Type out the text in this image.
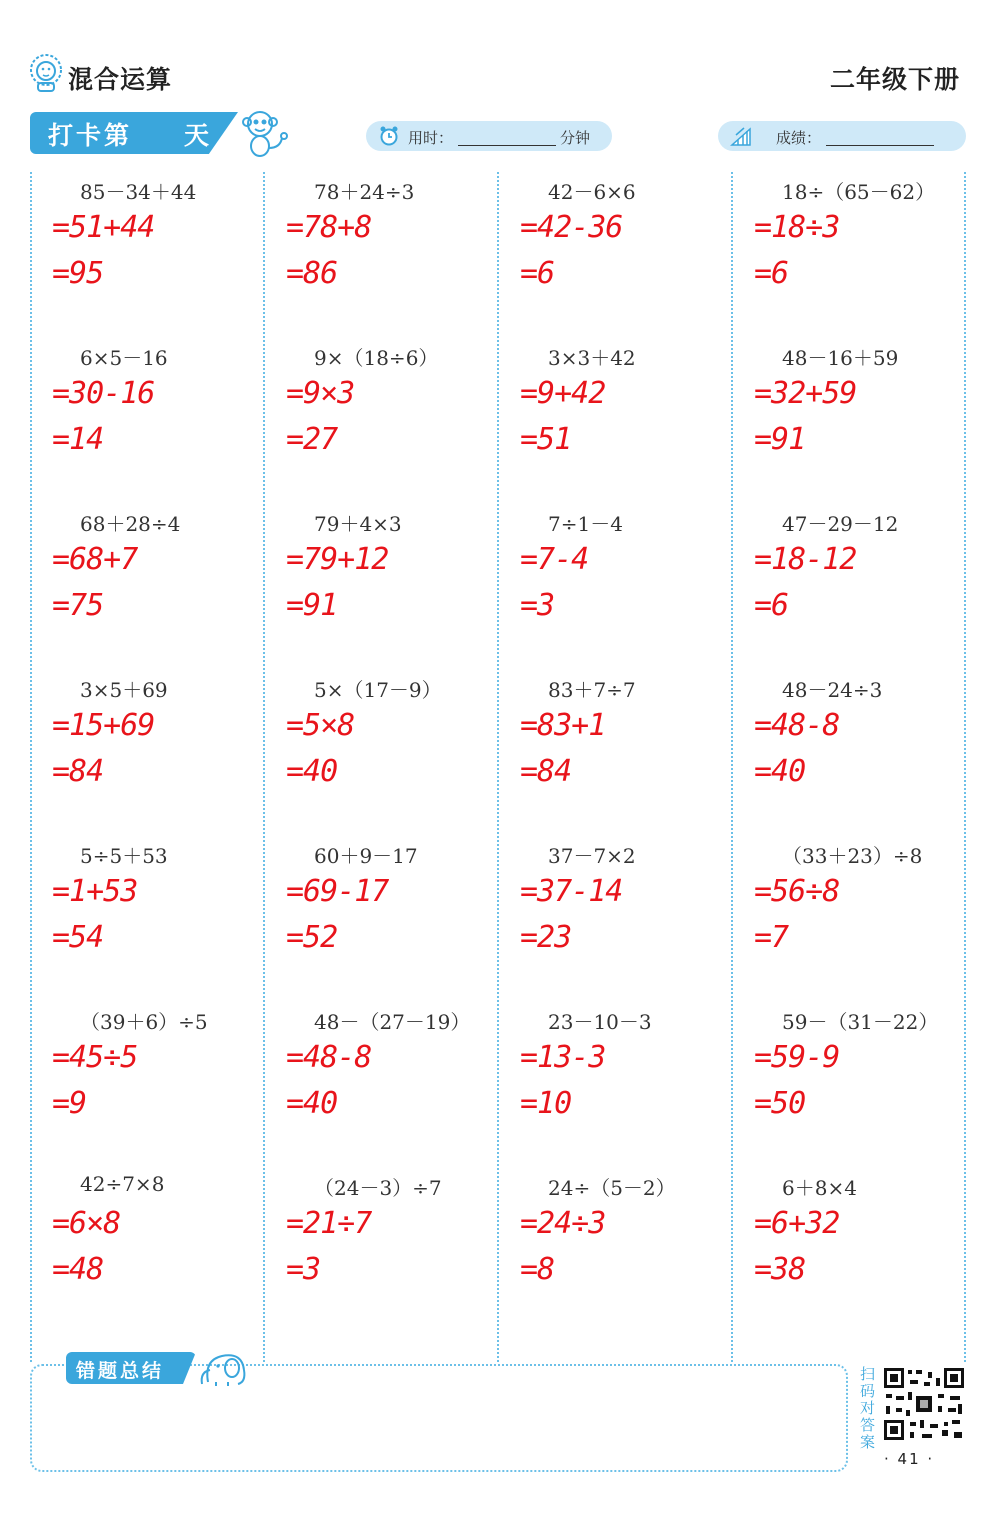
混合运算	二年级下册
打卡第 天	用时：	分钟	成绩：
85－34＋44
=51+44
=95
78＋24÷3
=78+8
=86
42－6×6
=42-36
=6
18÷（65－62）
=18÷3
=6
6×5－16
=30-16
=14
9×（18÷6）
=9×3
=27
3×3＋42
=9+42
=51
48－16＋59
=32+59
=91
68＋28÷4
=68+7
=75
79＋4×3
=79+12
=91
7÷1－4
=7-4
=3
47－29－12
=18-12
=6
3×5＋69
=15+69
=84
5×（17－9）
=5×8
=40
83＋7÷7
=83+1
=84
48－24÷3
=48-8
=40
5÷5＋53
=1+53
=54
60＋9－17
=69-17
=52
37－7×2
=37-14
=23
（33＋23）÷8
=56÷8
=7
（39＋6）÷5
=45÷5
=9
48－（27－19）
=48-8
=40
23－10－3
=13-3
=10
59－（31－22）
=59-9
=50
42÷7×8
=6×8
=48
（24－3）÷7
=21÷7
=3
24÷（5－2）
=24÷3
=8
6＋8×4
=6+32
=38
错题总结	扫码对答案
· 41 ·
